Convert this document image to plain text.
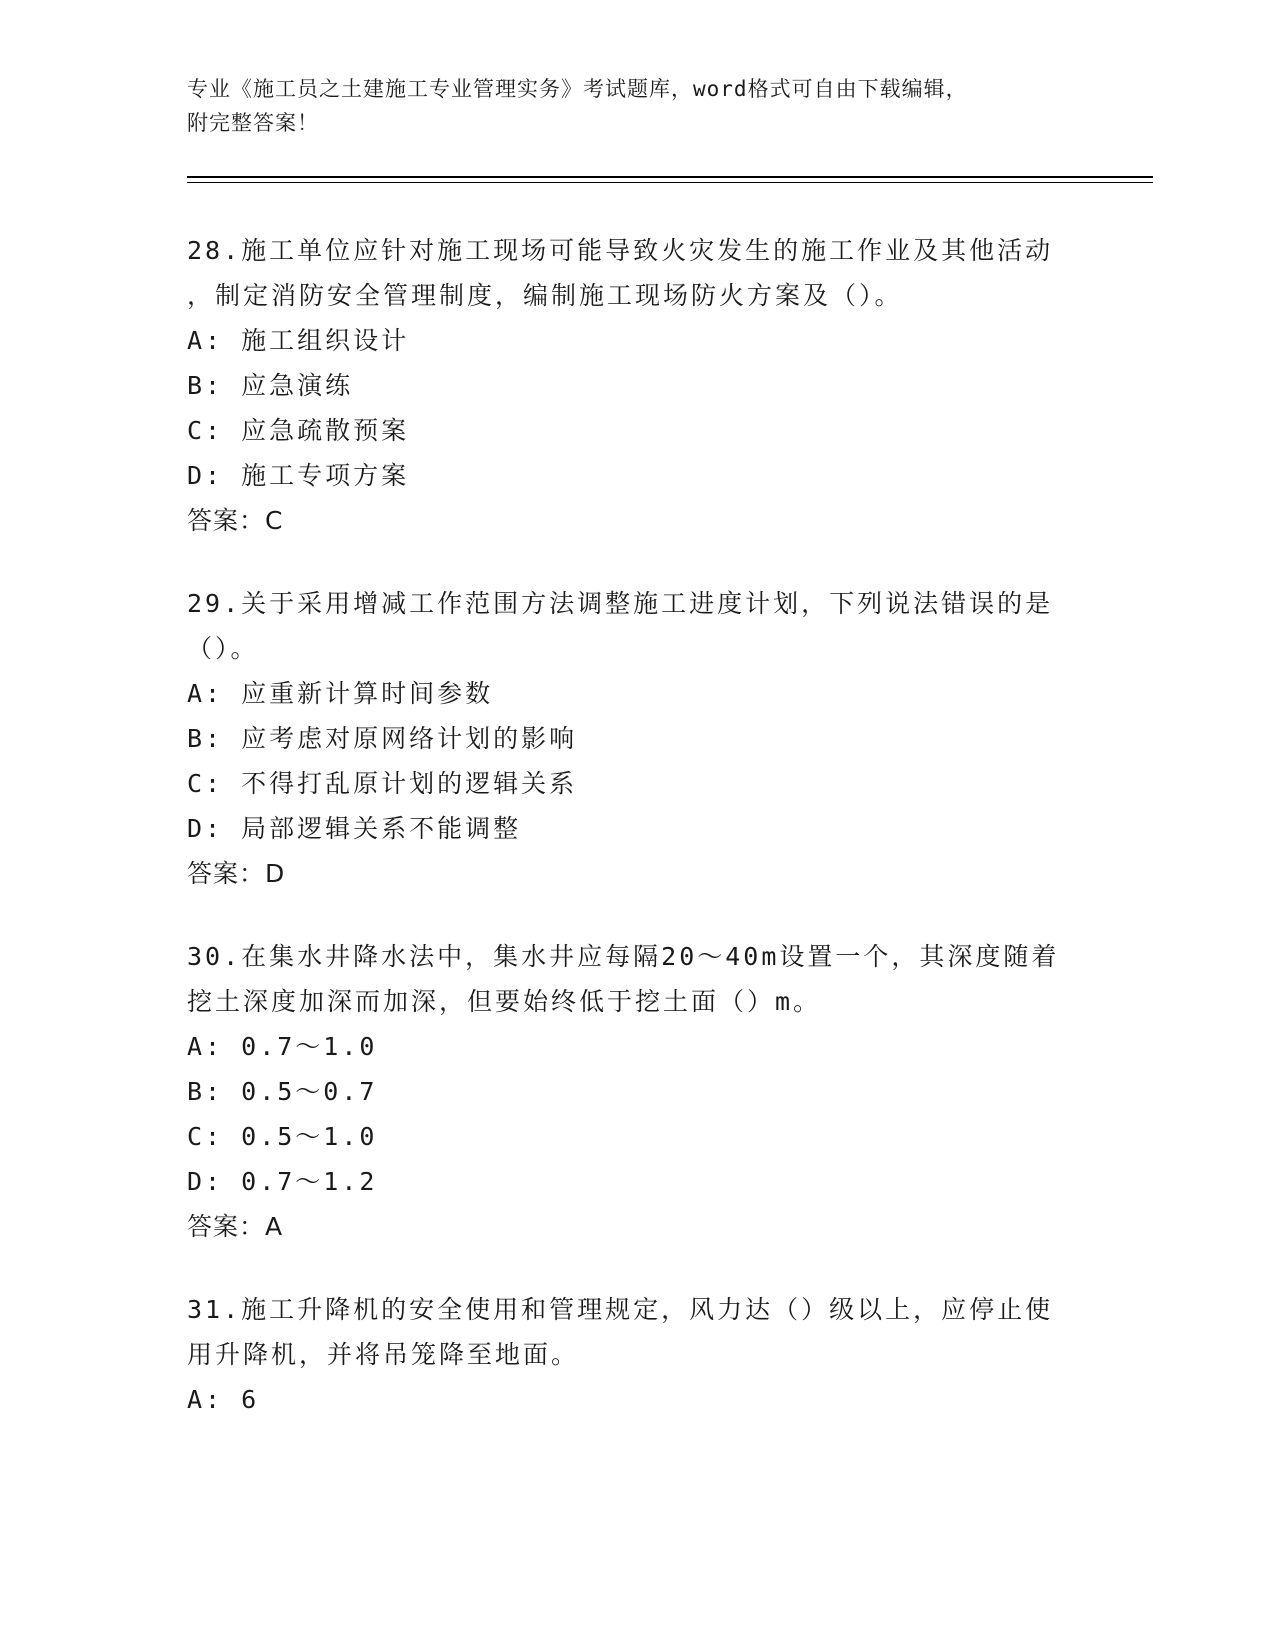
专业《施工员之土建施工专业管理实务》考试题库，word格式可自由下载编辑，
附完整答案！

28.施工单位应针对施工现场可能导致火灾发生的施工作业及其他活动

，制定消防安全管理制度，编制施工现场防火方案及（）。

A: 施工组织设计

B: 应急演练

C: 应急疏散预案

D: 施工专项方案

答案：C

29.关于采用增减工作范围方法调整施工进度计划，下列说法错误的是

（）。

A: 应重新计算时间参数

B: 应考虑对原网络计划的影响

C: 不得打乱原计划的逻辑关系

D: 局部逻辑关系不能调整

答案：D

30.在集水井降水法中，集水井应每隔20～40m设置一个，其深度随着

挖土深度加深而加深，但要始终低于挖土面（）m。

A: 0.7～1.0

B: 0.5～0.7

C: 0.5～1.0

D: 0.7～1.2

答案：A

31.施工升降机的安全使用和管理规定，风力达（）级以上，应停止使

用升降机，并将吊笼降至地面。

A: 6
